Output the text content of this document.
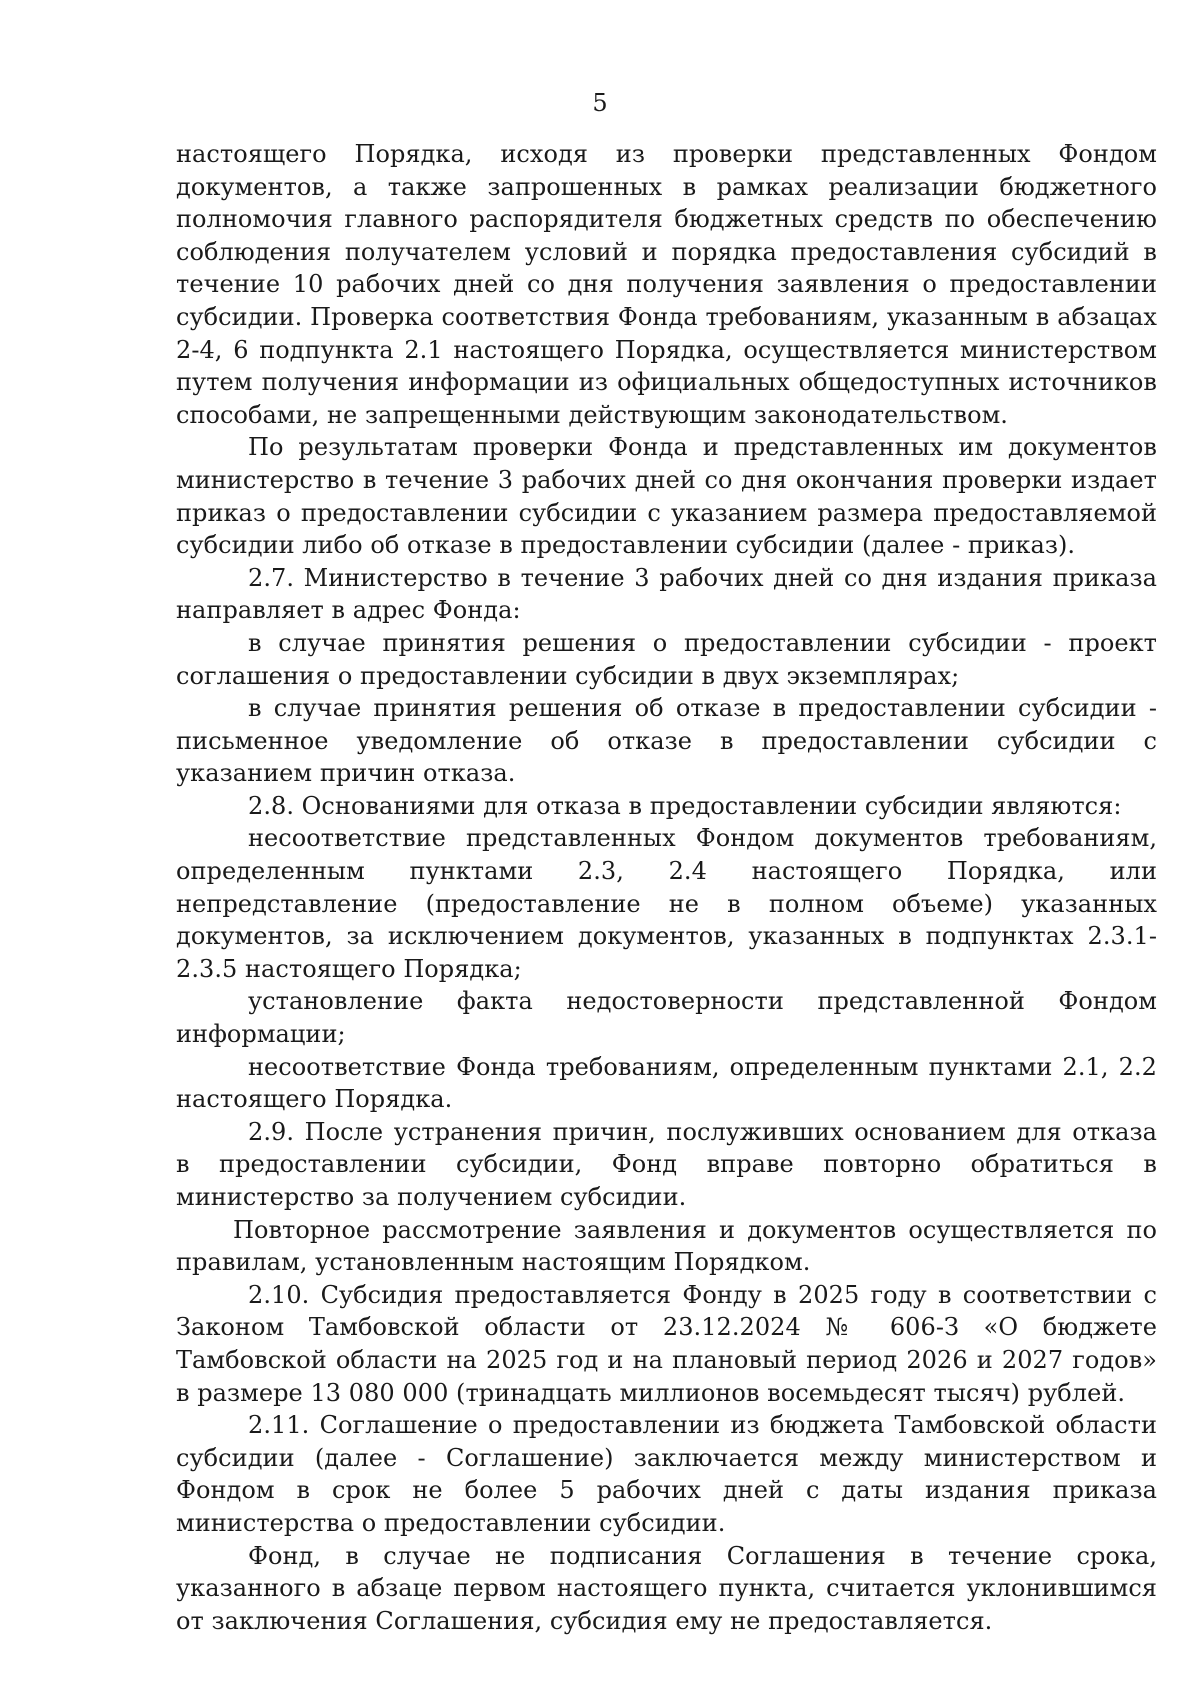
5

настоящего Порядка, исходя из проверки представленных Фондом документов, а также запрошенных в рамках реализации бюджетного полномочия главного распорядителя бюджетных средств по обеспечению соблюдения получателем условий и порядка предоставления субсидий в течение 10 рабочих дней со дня получения заявления о предоставлении субсидии. Проверка соответствия Фонда требованиям, указанным в абзацах 2-4, 6 подпункта 2.1 настоящего Порядка, осуществляется министерством путем получения информации из официальных общедоступных источников способами, не запрещенными действующим законодательством.

По результатам проверки Фонда и представленных им документов министерство в течение 3 рабочих дней со дня окончания проверки издает приказ о предоставлении субсидии с указанием размера предоставляемой субсидии либо об отказе в предоставлении субсидии (далее - приказ).

2.7. Министерство в течение 3 рабочих дней со дня издания приказа направляет в адрес Фонда:

в случае принятия решения о предоставлении субсидии - проект соглашения о предоставлении субсидии в двух экземплярах;

в случае принятия решения об отказе в предоставлении субсидии - письменное уведомление об отказе в предоставлении субсидии с указанием причин отказа.

2.8. Основаниями для отказа в предоставлении субсидии являются:

несоответствие представленных Фондом документов требованиям, определенным пунктами 2.3, 2.4 настоящего Порядка, или непредставление (предоставление не в полном объеме) указанных документов, за исключением документов, указанных в подпунктах 2.3.1-2.3.5 настоящего Порядка;

установление факта недостоверности представленной Фондом информации;

несоответствие Фонда требованиям, определенным пунктами 2.1, 2.2 настоящего Порядка.

2.9. После устранения причин, послуживших основанием для отказа в предоставлении субсидии, Фонд вправе повторно обратиться в министерство за получением субсидии.

Повторное рассмотрение заявления и документов осуществляется по правилам, установленным настоящим Порядком.

2.10. Субсидия предоставляется Фонду в 2025 году в соответствии с Законом Тамбовской области от 23.12.2024 № 606-З «О бюджете Тамбовской области на 2025 год и на плановый период 2026 и 2027 годов» в размере 13 080 000 (тринадцать миллионов восемьдесят тысяч) рублей.

2.11. Соглашение о предоставлении из бюджета Тамбовской области субсидии (далее - Соглашение) заключается между министерством и Фондом в срок не более 5 рабочих дней с даты издания приказа министерства о предоставлении субсидии.

Фонд, в случае не подписания Соглашения в течение срока, указанного в абзаце первом настоящего пункта, считается уклонившимся от заключения Соглашения, субсидия ему не предоставляется.
